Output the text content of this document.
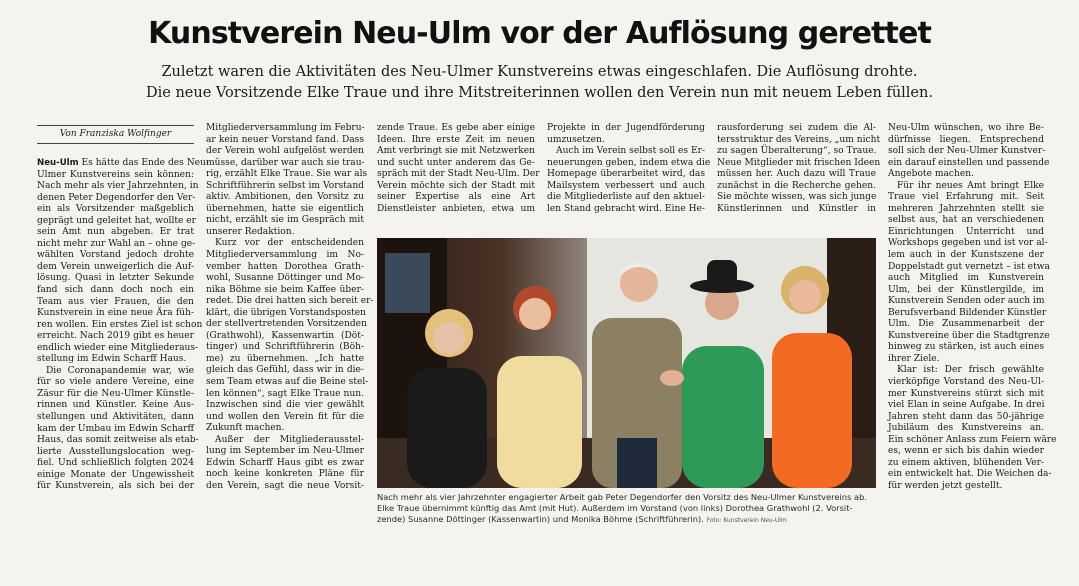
Kunstverein Neu-Ulm vor der Auflösung gerettet
Zuletzt waren die Aktivitäten des Neu-Ulmer Kunstvereins etwas eingeschlafen. Die Auflösung drohte.
Die neue Vorsitzende Elke Traue und ihre Mitstreiterinnen wollen den Verein nun mit neuem Leben füllen.
Von Franziska Wolfinger
Neu-Ulm Es hätte das Ende des Neu-
Ulmer Kunstvereins sein können:
Nach mehr als vier Jahrzehnten, in
denen Peter Degendorfer den Ver-
ein als Vorsitzender maßgeblich
geprägt und geleitet hat, wollte er
sein Amt nun abgeben. Er trat
nicht mehr zur Wahl an – ohne ge-
wählten Vorstand jedoch drohte
dem Verein unweigerlich die Auf-
lösung. Quasi in letzter Sekunde
fand sich dann doch noch ein
Team aus vier Frauen, die den
Kunstverein in eine neue Ära füh-
ren wollen. Ein erstes Ziel ist schon
erreicht. Nach 2019 gibt es heuer
endlich wieder eine Mitgliederaus-
stellung im Edwin Scharff Haus.
Die Coronapandemie war, wie
für so viele andere Vereine, eine
Zäsur für die Neu-Ulmer Künstle-
rinnen und Künstler. Keine Aus-
stellungen und Aktivitäten, dann
kam der Umbau im Edwin Scharff
Haus, das somit zeitweise als etab-
lierte Ausstellungslocation weg-
fiel. Und schließlich folgten 2024
einige Monate der Ungewissheit
für Kunstverein, als sich bei der
Mitgliederversammlung im Febru-
ar kein neuer Vorstand fand. Dass
der Verein wohl aufgelöst werden
müsse, darüber war auch sie trau-
rig, erzählt Elke Traue. Sie war als
Schriftführerin selbst im Vorstand
aktiv. Ambitionen, den Vorsitz zu
übernehmen, hatte sie eigentlich
nicht, erzählt sie im Gespräch mit
unserer Redaktion.
Kurz vor der entscheidenden
Mitgliederversammlung im No-
vember hatten Dorothea Grath-
wohl, Susanne Döttinger und Mo-
nika Böhme sie beim Kaffee über-
redet. Die drei hatten sich bereit er-
klärt, die übrigen Vorstandsposten
der stellvertretenden Vorsitzenden
(Grathwohl), Kassenwartin (Döt-
tinger) und Schriftführerin (Böh-
me) zu übernehmen. „Ich hatte
gleich das Gefühl, dass wir in die-
sem Team etwas auf die Beine stel-
len können“, sagt Elke Traue nun.
Inzwischen sind die vier gewählt
und wollen den Verein fit für die
Zukunft machen.
Außer der Mitgliederausstel-
lung im September im Neu-Ulmer
Edwin Scharff Haus gibt es zwar
noch keine konkreten Pläne für
den Verein, sagt die neue Vorsit-
zende Traue. Es gebe aber einige
Ideen. Ihre erste Zeit im neuen
Amt verbringt sie mit Netzwerken
und sucht unter anderem das Ge-
spräch mit der Stadt Neu-Ulm. Der
Verein möchte sich der Stadt mit
seiner Expertise als eine Art
Dienstleister anbieten, etwa um
Projekte in der Jugendförderung
umzusetzen.
Auch im Verein selbst soll es Er-
neuerungen geben, indem etwa die
Homepage überarbeitet wird, das
Mailsystem verbessert und auch
die Mitgliederliste auf den aktuel-
len Stand gebracht wird. Eine He-
rausforderung sei zudem die Al-
tersstruktur des Vereins, „um nicht
zu sagen Überalterung“, so Traue.
Neue Mitglieder mit frischen Ideen
müssen her. Auch dazu will Traue
zunächst in die Recherche gehen.
Sie möchte wissen, was sich junge
Künstlerinnen und Künstler in
Neu-Ulm wünschen, wo ihre Be-
dürfnisse liegen. Entsprechend
soll sich der Neu-Ulmer Kunstver-
ein darauf einstellen und passende
Angebote machen.
Für ihr neues Amt bringt Elke
Traue viel Erfahrung mit. Seit
mehreren Jahrzehnten stellt sie
selbst aus, hat an verschiedenen
Einrichtungen Unterricht und
Workshops gegeben und ist vor al-
lem auch in der Kunstszene der
Doppelstadt gut vernetzt – ist etwa
auch Mitglied im Kunstverein
Ulm, bei der Künstlergilde, im
Kunstverein Senden oder auch im
Berufsverband Bildender Künstler
Ulm. Die Zusammenarbeit der
Kunstvereine über die Stadtgrenze
hinweg zu stärken, ist auch eines
ihrer Ziele.
Klar ist: Der frisch gewählte
vierköpfige Vorstand des Neu-Ul-
mer Kunstvereins stürzt sich mit
viel Elan in seine Aufgabe. In drei
Jahren steht dann das 50-jährige
Jubiläum des Kunstvereins an.
Ein schöner Anlass zum Feiern wäre
es, wenn er sich bis dahin wieder
zu einem aktiven, blühenden Ver-
ein entwickelt hat. Die Weichen da-
für werden jetzt gestellt.
Nach mehr als vier Jahrzehnter engagierter Arbeit gab Peter Degendorfer den Vorsitz des Neu-Ulmer Kunstvereins ab.
Elke Traue übernimmt künftig das Amt (mit Hut). Außerdem im Vorstand (von links) Dorothea Grathwohl (2. Vorsit-
zende) Susanne Döttinger (Kassenwartin) und Monika Böhme (Schriftführerin). Foto: Kunstverein Neu-Ulm
